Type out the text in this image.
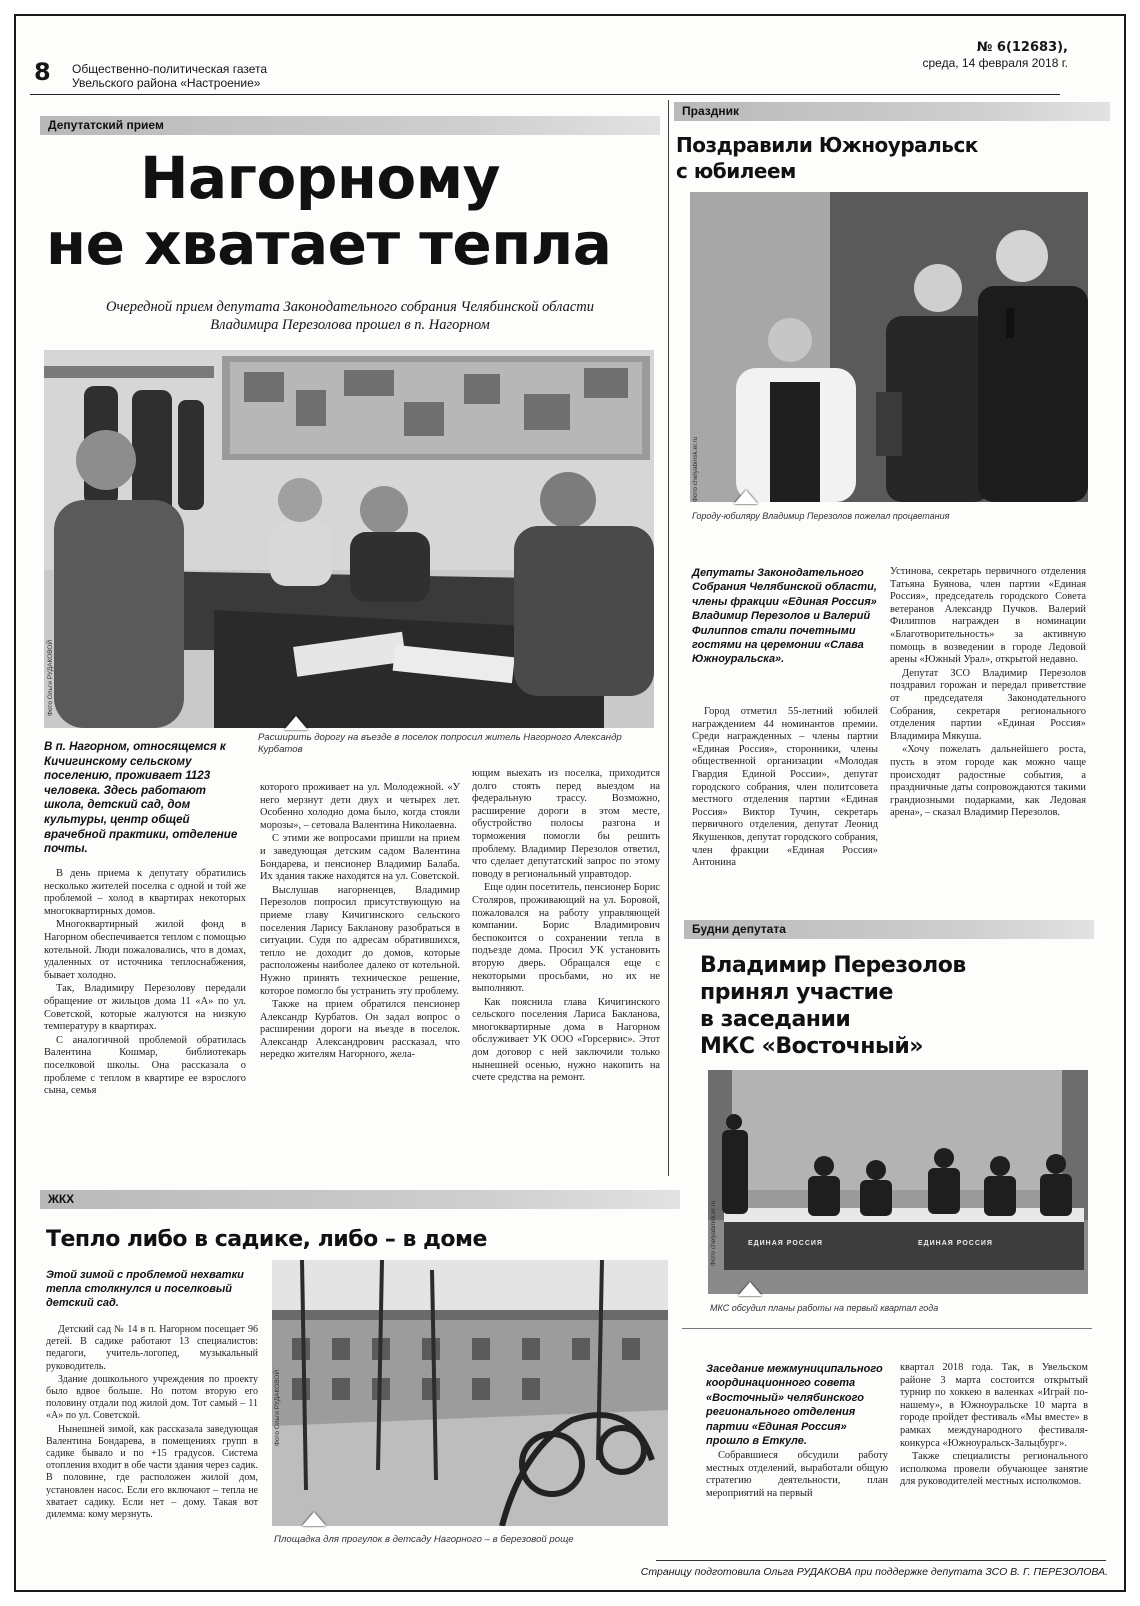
8 Общественно-политическая газета
Увельского района «Настроение»
№ 6(12683),
среда, 14 февраля 2018 г.
Депутатский прием
Нагорному
не хватает тепла
Очередной прием депутата Законодательного собрания Челябинской области
Владимира Перезолова прошел в п. Нагорном
Фото Ольги РУДАКОВОЙ
В п. Нагорном, относящемся к Кичигинскому сельскому поселению, проживает 1123 человека. Здесь работают школа, детский сад, дом культуры, центр общей врачебной практики, отделение почты.
Расширить дорогу на въезде в поселок попросил житель Нагорного Александр Курбатов

В день приема к депутату обратились несколько жителей поселка с одной и той же проблемой – холод в квартирах некоторых многоквартирных домов.

Многоквартирный жилой фонд в Нагорном обеспечивается теплом с помощью котельной. Люди пожаловались, что в домах, удаленных от источника теплоснабжения, бывает холодно.

Так, Владимиру Перезолову передали обращение от жильцов дома 11 «А» по ул. Советской, которые жалуются на низкую температуру в квартирах.

С аналогичной проблемой обратилась Валентина Кошмар, библиотекарь поселковой школы. Она рассказала о проблеме с теплом в квартире ее взрослого сына, семья

которого проживает на ул. Молодежной. «У него мерзнут дети двух и четырех лет. Особенно холодно дома было, когда стояли морозы», – сетовала Валентина Николаевна.

С этими же вопросами пришли на прием и заведующая детским садом Валентина Бондарева, и пенсионер Владимир Балаба. Их здания также находятся на ул. Советской.

Выслушав нагорненцев, Владимир Перезолов попросил присутствующую на приеме главу Кичигинского сельского поселения Ларису Бакланову разобраться в ситуации. Судя по адресам обратившихся, тепло не доходит до домов, которые расположены наиболее далеко от котельной. Нужно принять техническое решение, которое помогло бы устранить эту проблему.

Также на прием обратился пенсионер Александр Курбатов. Он задал вопрос о расширении дороги на въезде в поселок. Александр Александрович рассказал, что нередко жителям Нагорного, жела-

ющим выехать из поселка, приходится долго стоять перед выездом на федеральную трассу. Возможно, расширение дороги в этом месте, обустройство полосы разгона и торможения помогли бы решить проблему. Владимир Перезолов ответил, что сделает депутатский запрос по этому поводу в региональный управтодор.

Еще один посетитель, пенсионер Борис Столяров, проживающий на ул. Боровой, пожаловался на работу управляющей компании. Борис Владимирович беспокоится о сохранении тепла в подъезде дома. Просил УК установить вторую дверь. Обращался еще с некоторыми просьбами, но их не выполняют.

Как пояснила глава Кичигинского сельского поселения Лариса Бакланова, многоквартирные дома в Нагорном обслуживает УК ООО «Горсервис». Этот дом договор с ней заключили только нынешней осенью, нужно накопить на счете средства на ремонт.

ЖКХ
Тепло либо в садике, либо – в доме
Этой зимой с проблемой нехватки тепла столкнулся и поселковый детский сад.

Детский сад № 14 в п. Нагорном посещает 96 детей. В садике работают 13 специалистов: педагоги, учитель-логопед, музыкальный руководитель.

Здание дошкольного учреждения по проекту было вдвое больше. Но потом вторую его половину отдали под жилой дом. Тот самый – 11 «А» по ул. Советской.

Нынешней зимой, как рассказала заведующая Валентина Бондарева, в помещениях групп в садике бывало и по +15 градусов. Система отопления входит в обе части здания через садик. В половине, где расположен жилой дом, установлен насос. Если его включают – тепла не хватает садику. Если нет – дому. Такая вот дилемма: кому мерзнуть.

Фото Ольги РУДАКОВОЙ
Площадка для прогулок в детсаду Нагорного – в березовой роще
Праздник
Поздравили Южноуральск
с юбилеем
Фото chelyabinsk.er.ru
Городу-юбиляру Владимир Перезолов пожелал процветания
Депутаты Законодательного Собрания Челябинской области, члены фракции «Единая Россия» Владимир Перезолов и Валерий Филиппов стали почетными гостями на церемонии «Слава Южноуральска».

Город отметил 55-летний юбилей награждением 44 номинантов премии. Среди награжденных – члены партии «Единая Россия», сторонники, члены общественной организации «Молодая Гвардия Единой России», депутат городского собрания, член политсовета местного отделения партии «Единая Россия» Виктор Тучин, секретарь первичного отделения, депутат Леонид Якушенков, депутат городского собрания, член фракции «Единая Россия» Антонина

Устинова, секретарь первичного отделения Татьяна Буянова, член партии «Единая Россия», председатель городского Совета ветеранов Александр Пучков. Валерий Филиппов награжден в номинации «Благотворительность» за активную помощь в возведении в городе Ледовой арены «Южный Урал», открытой недавно.

Депутат ЗСО Владимир Перезолов поздравил горожан и передал приветствие от председателя Законодательного Собрания, секретаря регионального отделения партии «Единая Россия» Владимира Мякуша.

«Хочу пожелать дальнейшего роста, пусть в этом городе как можно чаще происходят радостные события, а праздничные даты сопровождаются такими грандиозными подарками, как Ледовая арена», – сказал Владимир Перезолов.

Будни депутата
Владимир Перезолов
принял участие
в заседании
МКС «Восточный»
ЕДИНАЯ РОССИЯ	ЕДИНАЯ РОССИЯ
Фото chelyabinsk.er.ru
МКС обсудил планы работы на первый квартал года
Заседание межмуниципального координационного совета «Восточный» челябинского регионального отделения партии «Единая Россия» прошло в Еткуле.

Собравшиеся обсудили работу местных отделений, выработали общую стратегию деятельности, план мероприятий на первый

квартал 2018 года. Так, в Увельском районе 3 марта состоится открытый турнир по хоккею в валенках «Играй по-нашему», в Южноуральске 10 марта в городе пройдет фестиваль «Мы вместе» в рамках международного фестиваля-конкурса «Южноуральск-Зальцбург».

Также специалисты регионального исполкома провели обучающее занятие для руководителей местных исполкомов.

Страницу подготовила Ольга РУДАКОВА при поддержке депутата ЗСО В. Г. ПЕРЕЗОЛОВА.
